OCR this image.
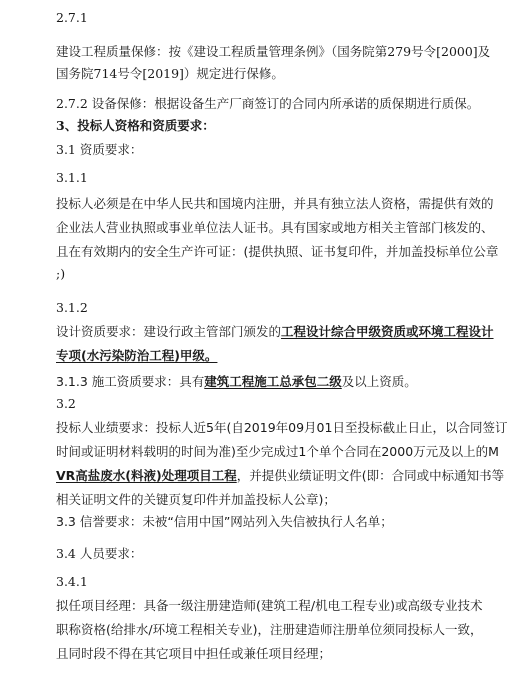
2.7.1
建设工程质量保修：按《建设工程质量管理条例》（国务院第279号令[2000]及
国务院714号令[2019]）规定进行保修。
2.7.2 设备保修：根据设备生产厂商签订的合同内所承诺的质保期进行质保。
3、投标人资格和资质要求：
3.1 资质要求：
3.1.1
投标人必须是在中华人民共和国境内注册，并具有独立法人资格，需提供有效的
企业法人营业执照或事业单位法人证书。具有国家或地方相关主管部门核发的、
且在有效期内的安全生产许可证：(提供执照、证书复印件，并加盖投标单位公章
;)
3.1.2
设计资质要求：建设行政主管部门颁发的工程设计综合甲级资质或环境工程设计
专项(水污染防治工程)甲级。
3.1.3 施工资质要求：具有建筑工程施工总承包二级及以上资质。
3.2
投标人业绩要求：投标人近5年(自2019年09月01日至投标截止日止，以合同签订
时间或证明材料载明的时间为准)至少完成过1个单个合同在2000万元及以上的M
VR高盐废水(料液)处理项目工程，并提供业绩证明文件(即：合同或中标通知书等
相关证明文件的关键页复印件并加盖投标人公章)；
3.3 信誉要求：未被“信用中国”网站列入失信被执行人名单；
3.4 人员要求：
3.4.1
拟任项目经理：具备一级注册建造师(建筑工程/机电工程专业)或高级专业技术
职称资格(给排水/环境工程相关专业)，注册建造师注册单位须同投标人一致，
且同时段不得在其它项目中担任或兼任项目经理；
